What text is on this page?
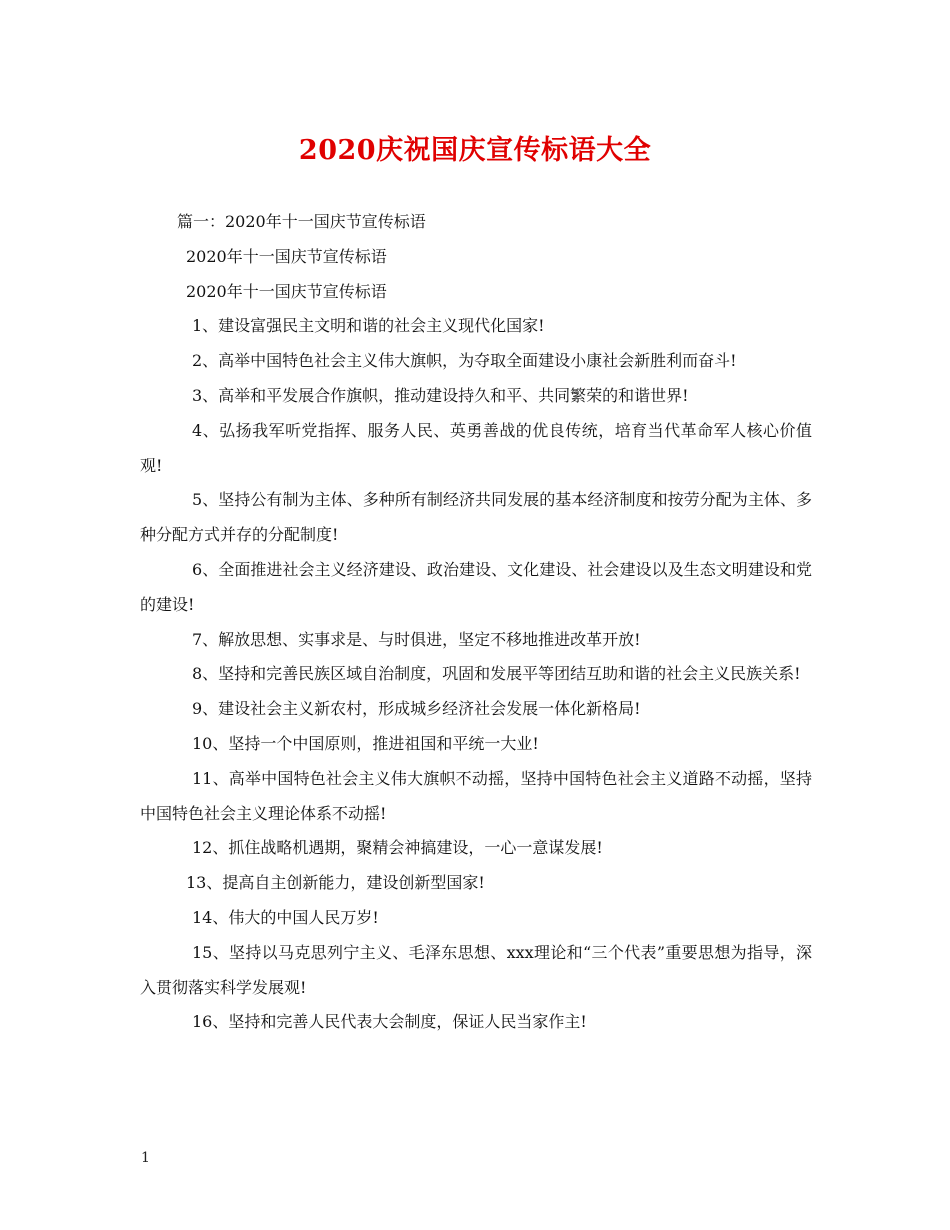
2020庆祝国庆宣传标语大全

篇一：2020年十一国庆节宣传标语

2020年十一国庆节宣传标语

2020年十一国庆节宣传标语

1、建设富强民主文明和谐的社会主义现代化国家!

2、高举中国特色社会主义伟大旗帜，为夺取全面建设小康社会新胜利而奋斗!

3、高举和平发展合作旗帜，推动建设持久和平、共同繁荣的和谐世界!

4、弘扬我军听党指挥、服务人民、英勇善战的优良传统，培育当代革命军人核心价值观!

5、坚持公有制为主体、多种所有制经济共同发展的基本经济制度和按劳分配为主体、多种分配方式并存的分配制度!

6、全面推进社会主义经济建设、政治建设、文化建设、社会建设以及生态文明建设和党的建设!

7、解放思想、实事求是、与时俱进，坚定不移地推进改革开放!

8、坚持和完善民族区域自治制度，巩固和发展平等团结互助和谐的社会主义民族关系!

9、建设社会主义新农村，形成城乡经济社会发展一体化新格局!

10、坚持一个中国原则，推进祖国和平统一大业!

11、高举中国特色社会主义伟大旗帜不动摇，坚持中国特色社会主义道路不动摇，坚持中国特色社会主义理论体系不动摇!

12、抓住战略机遇期，聚精会神搞建设，一心一意谋发展!

13、提高自主创新能力，建设创新型国家!

14、伟大的中国人民万岁!

15、坚持以马克思列宁主义、毛泽东思想、xxx理论和“三个代表”重要思想为指导，深入贯彻落实科学发展观!

16、坚持和完善人民代表大会制度，保证人民当家作主!

1
